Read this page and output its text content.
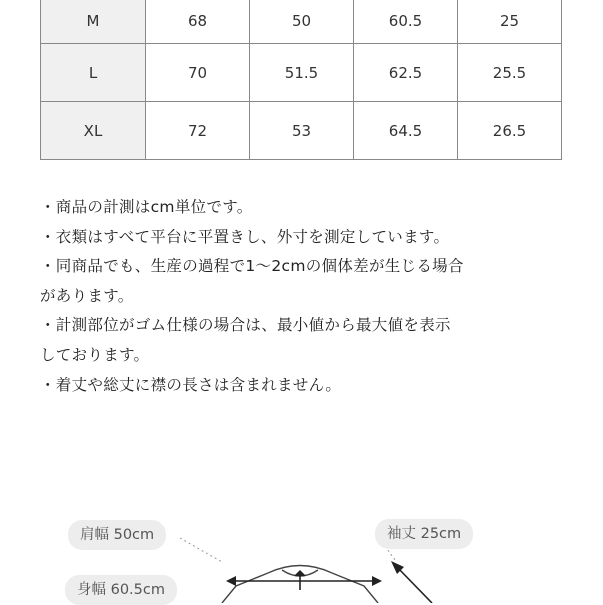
M	68	50	60.5	25
L	70	51.5	62.5	25.5
XL	72	53	64.5	26.5

・商品の計測はcm単位です。

・衣類はすべて平台に平置きし、外寸を測定しています。

・同商品でも、生産の過程で1〜2cmの個体差が生じる場合

があります。

・計測部位がゴム仕様の場合は、最小値から最大値を表示

しております。

・着丈や総丈に襟の長さは含まれません。

肩幅 50cm	袖丈 25cm
身幅 60.5cm
